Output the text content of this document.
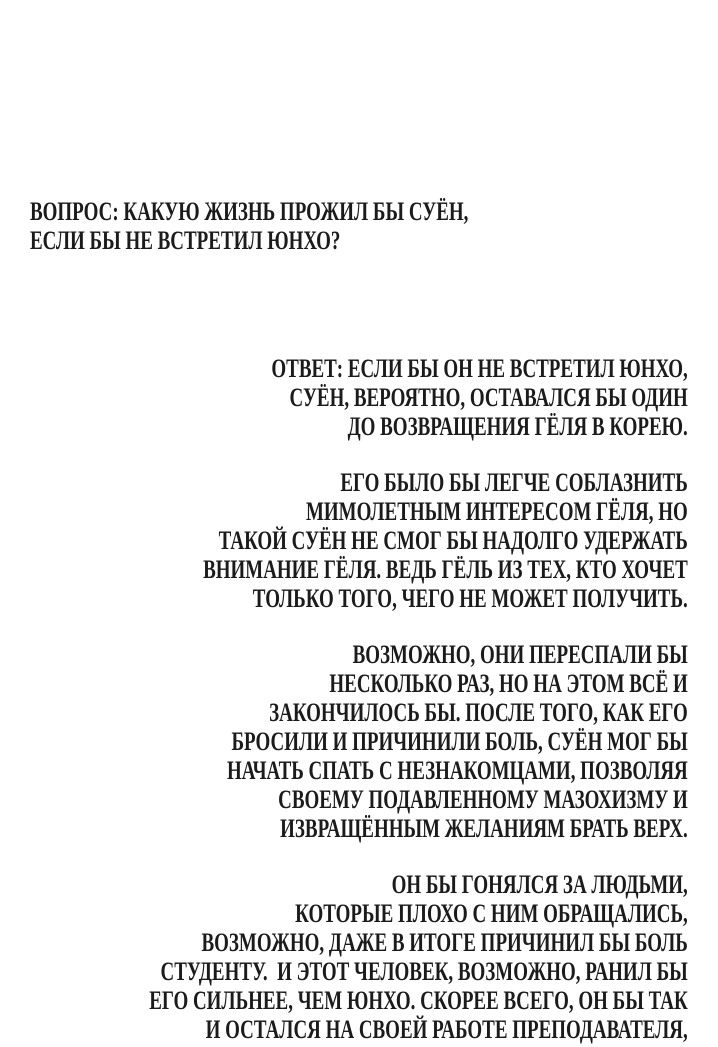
ВОПРОС: КАКУЮ ЖИЗНЬ ПРОЖИЛ БЫ СУЁН,
ЕСЛИ БЫ НЕ ВСТРЕТИЛ ЮНХО?
ОТВЕТ: ЕСЛИ БЫ ОН НЕ ВСТРЕТИЛ ЮНХО,
СУЁН, ВЕРОЯТНО, ОСТАВАЛСЯ БЫ ОДИН
ДО ВОЗВРАЩЕНИЯ ГЁЛЯ В КОРЕЮ.
ЕГО БЫЛО БЫ ЛЕГЧЕ СОБЛАЗНИТЬ
МИМОЛЕТНЫМ ИНТЕРЕСОМ ГЁЛЯ, НО
ТАКОЙ СУЁН НЕ СМОГ БЫ НАДОЛГО УДЕРЖАТЬ
ВНИМАНИЕ ГЁЛЯ. ВЕДЬ ГЁЛЬ ИЗ ТЕХ, КТО ХОЧЕТ
ТОЛЬКО ТОГО, ЧЕГО НЕ МОЖЕТ ПОЛУЧИТЬ.
ВОЗМОЖНО, ОНИ ПЕРЕСПАЛИ БЫ
НЕСКОЛЬКО РАЗ, НО НА ЭТОМ ВСЁ И
ЗАКОНЧИЛОСЬ БЫ. ПОСЛЕ ТОГО, КАК ЕГО
БРОСИЛИ И ПРИЧИНИЛИ БОЛЬ, СУЁН МОГ БЫ
НАЧАТЬ СПАТЬ С НЕЗНАКОМЦАМИ, ПОЗВОЛЯЯ
СВОЕМУ ПОДАВЛЕННОМУ МАЗОХИЗМУ И
ИЗВРАЩЁННЫМ ЖЕЛАНИЯМ БРАТЬ ВЕРХ.
ОН БЫ ГОНЯЛСЯ ЗА ЛЮДЬМИ,
КОТОРЫЕ ПЛОХО С НИМ ОБРАЩАЛИСЬ,
ВОЗМОЖНО, ДАЖЕ В ИТОГЕ ПРИЧИНИЛ БЫ БОЛЬ
СТУДЕНТУ.  И ЭТОТ ЧЕЛОВЕК, ВОЗМОЖНО, РАНИЛ БЫ
ЕГО СИЛЬНЕЕ, ЧЕМ ЮНХО. СКОРЕЕ ВСЕГО, ОН БЫ ТАК
И ОСТАЛСЯ НА СВОЕЙ РАБОТЕ ПРЕПОДАВАТЕЛЯ,
